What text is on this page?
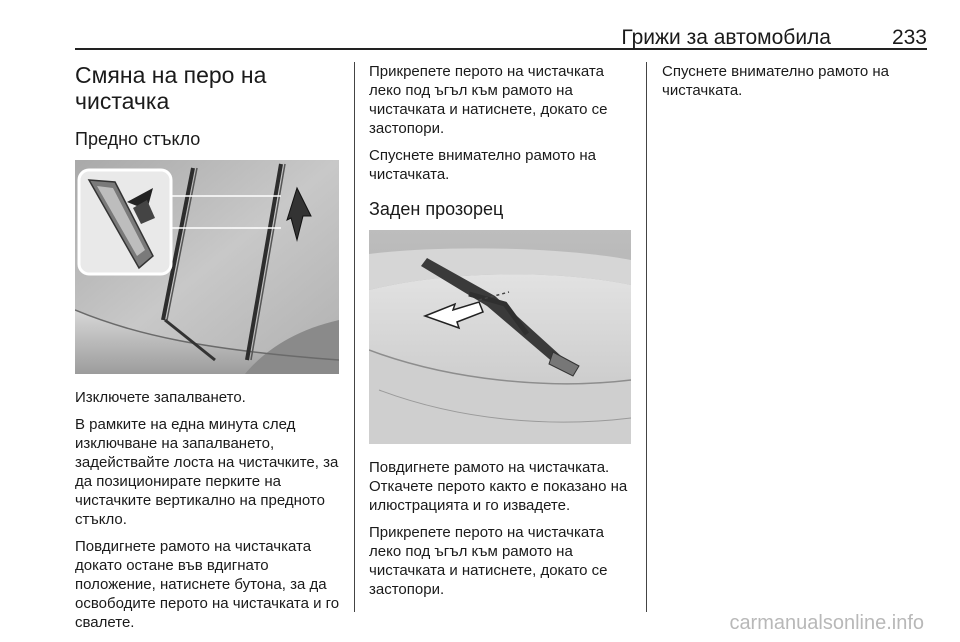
Грижи за автомобила	233
Смяна на перо на чистачка
Предно стъкло

Изключете запалването.

В рамките на една минута след изключване на запалването, задействайте лоста на чистачките, за да позиционирате перките на чистачките вертикално на предното стъкло.

Повдигнете рамото на чистачката докато остане във вдигнато положение, натиснете бутона, за да освободите перото на чистачката и го свалете.

Прикрепете перото на чистачката леко под ъгъл към рамото на чистачката и натиснете, докато се застопори.

Спуснете внимателно рамото на чистачката.

Заден прозорец

Повдигнете рамото на чистачката. Откачете перото както е показано на илюстрацията и го извадете.

Прикрепете перото на чистачката леко под ъгъл към рамото на чистачката и натиснете, докато се застопори.

Спуснете внимателно рамото на чистачката.

carmanualsonline.info
